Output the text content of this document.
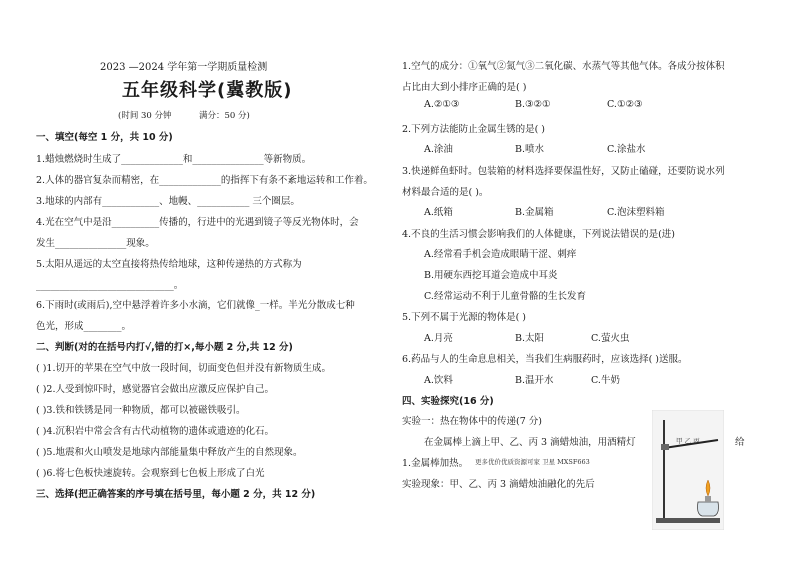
2023 —2024 学年第一学期质量检测
五年级科学(冀教版)
(时间 30 分钟	满分：50 分)
一、填空(每空 1 分，共 10 分)
1.蜡烛燃烧时生成了_____________和_______________等新物质。
2.人体的器官复杂而精密，在_____________的指挥下有条不紊地运转和工作着。
3.地球的内部有____________、地幔、___________ 三个圈层。
4.光在空气中是沿__________传播的，行进中的光遇到镜子等反光物体时，会
发生_______________现象。
5.太阳从遥远的太空直接将热传给地球，这种传递热的方式称为
_____________________________。
6.下雨时(或雨后),空中悬浮着许多小水滴，它们就像_一样。半光分散成七种
色光，形成________。
二、判断(对的在括号内打√,错的打×,每小题 2 分,共 12 分)
( )1.切开的苹果在空气中放一段时间，切面变色但并没有新物质生成。
( )2.人受到惊吓时，感觉器官会做出应激反应保护自己。
( )3.铁和铁锈是同一种物质，都可以被磁铁吸引。
( )4.沉积岩中常会含有古代动植物的遗体或遗迹的化石。
( )5.地震和火山喷发是地球内部能量集中释放产生的自然现象。
( )6.将七色板快速旋转。会观察到七色板上形成了白光
三、选择(把正确答案的序号填在括号里，每小题 2 分，共 12 分)
1.空气的成分：①氧气②氮气③二氧化碳、水蒸气等其他气体。各成分按体积
占比由大到小排序正确的是( )
A.②①③	B.③②①	C.①②③
2.下列方法能防止金属生锈的是( )
A.涂油	B.喷水	C.涂盐水
3.快递鲜鱼虾时。包装箱的材料选择要保温性好，又防止磕碰，还要防说水列
材料最合适的是( )。
A.纸箱	B.金属箱	C.泡沫塑料箱
4.不良的生活习惯会影响我们的人体健康，下列说法错误的是(进)
A.经常看手机会造成眼睛干涩、刺痒
B.用硬东西挖耳道会造成中耳炎
C.经常运动不利于儿童骨骼的生长发育
5.下列不属于光源的物体是( )
A.月亮	B.太阳	C.萤火虫
6.药品与人的生命息息相关，当我们生病服药时，应该选择( )送服。
A.饮料	B.温开水	C.牛奶
四、实验探究(16 分)
实验一：热在物体中的传递(7 分)
在金属棒上滴上甲、乙、丙 3 滴蜡烛油，用酒精灯	给
1.金属棒加热。 更多优价优质资源可家 卫星 MXSF663
实验现象：甲、乙、丙 3 滴蜡烛油融化的先后
甲 乙 丙
